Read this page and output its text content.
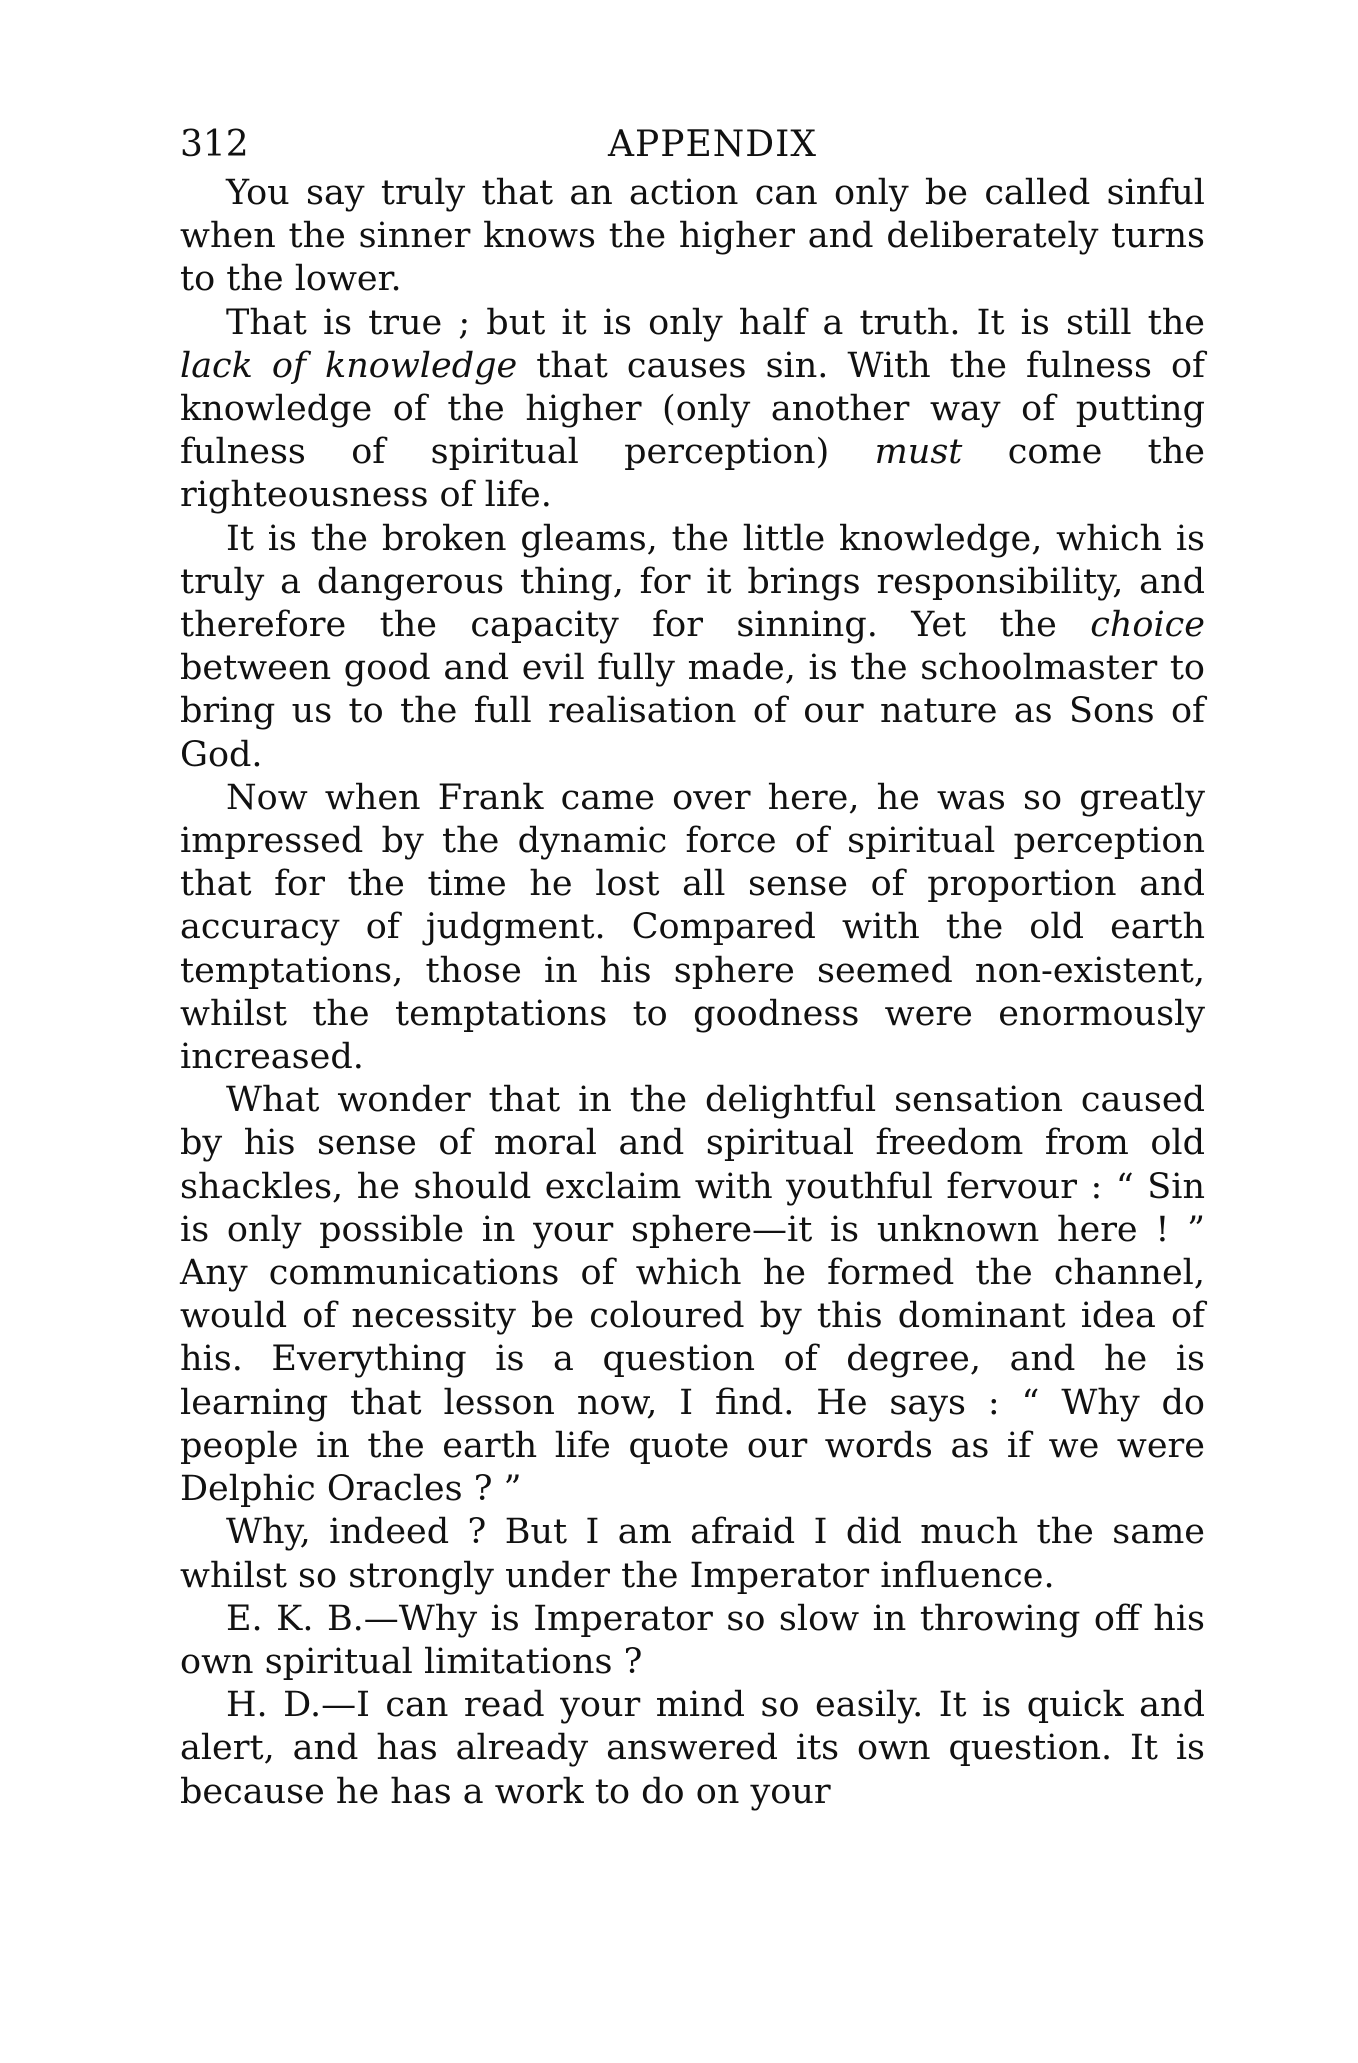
312	APPENDIX

You say truly that an action can only be called sinful when the sinner knows the higher and deliberately turns to the lower.

That is true ; but it is only half a truth. It is still the lack of knowledge that causes sin. With the fulness of knowledge of the higher (only another way of putting fulness of spiritual perception) must come the righteousness of life.

It is the broken gleams, the little knowledge, which is truly a dangerous thing, for it brings responsibility, and therefore the capacity for sinning. Yet the choice between good and evil fully made, is the schoolmaster to bring us to the full realisation of our nature as Sons of God.

Now when Frank came over here, he was so greatly impressed by the dynamic force of spiritual perception that for the time he lost all sense of proportion and accuracy of judgment. Compared with the old earth temptations, those in his sphere seemed non-existent, whilst the temptations to goodness were enormously increased.

What wonder that in the delightful sensation caused by his sense of moral and spiritual freedom from old shackles, he should exclaim with youthful fervour : “ Sin is only possible in your sphere—it is unknown here ! ” Any communications of which he formed the channel, would of necessity be coloured by this dominant idea of his. Everything is a question of degree, and he is learning that lesson now, I find. He says : “ Why do people in the earth life quote our words as if we were Delphic Oracles ? ”

Why, indeed ? But I am afraid I did much the same whilst so strongly under the Imperator influence.

E. K. B.—Why is Imperator so slow in throwing off his own spiritual limitations ?

H. D.—I can read your mind so easily. It is quick and alert, and has already answered its own question. It is because he has a work to do on your
